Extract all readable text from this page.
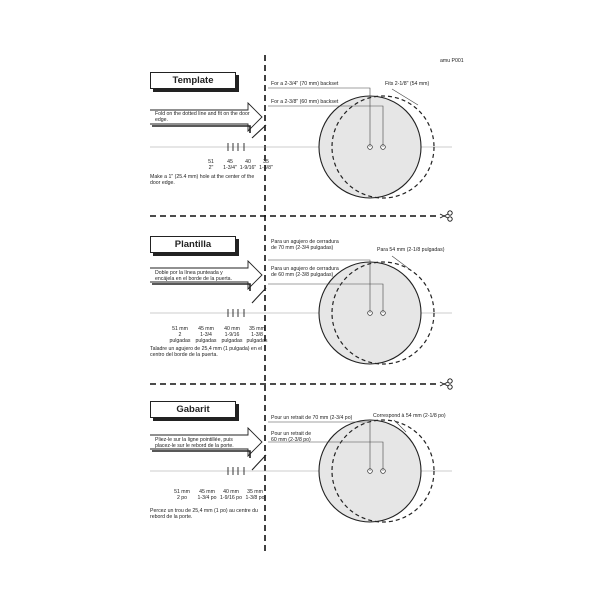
amu P001
Template
Fold on the dotted line and fit on the door
edge.
51
2"
45
1-3/4"
40
1-9/16"
35
1-3/8"
Make a 1" (25.4 mm) hole at the center of the
door edge.
For a 2-3/4" (70 mm) backset
For a 2-3/8" (60 mm) backset
Fits 2-1/8" (54 mm)
Plantilla
Doble por la línea punteada y
encájela en el borde de la puerta.
51 mm
2
pulgadas
45 mm
1-3/4
pulgadas
40 mm
1-9/16
pulgadas
35 mm
1-3/8
pulgadas
Taladre un agujero de 25,4 mm (1 pulgada) en el
centro del borde de la puerta.
Para un agujero de cerradura
de 70 mm (2-3/4 pulgadas)
Para un agujero de cerradura
de 60 mm (2-3/8 pulgadas)
Para 54 mm (2-1/8 pulgadas)
Gabarit
Pliez-le sur la ligne pointillée, puis
placez-le sur le rebord de la porte.
51 mm
2 po
45 mm
1-3/4 po
40 mm
1-9/16 po
35 mm
1-3/8 po
Percez un trou de 25,4 mm (1 po) au centre du
rebord de la porte.
Pour un retrait de 70 mm (2-3/4 po)
Pour un retrait de
60 mm (2-3/8 po)
Correspond à 54 mm (2-1/8 po)
